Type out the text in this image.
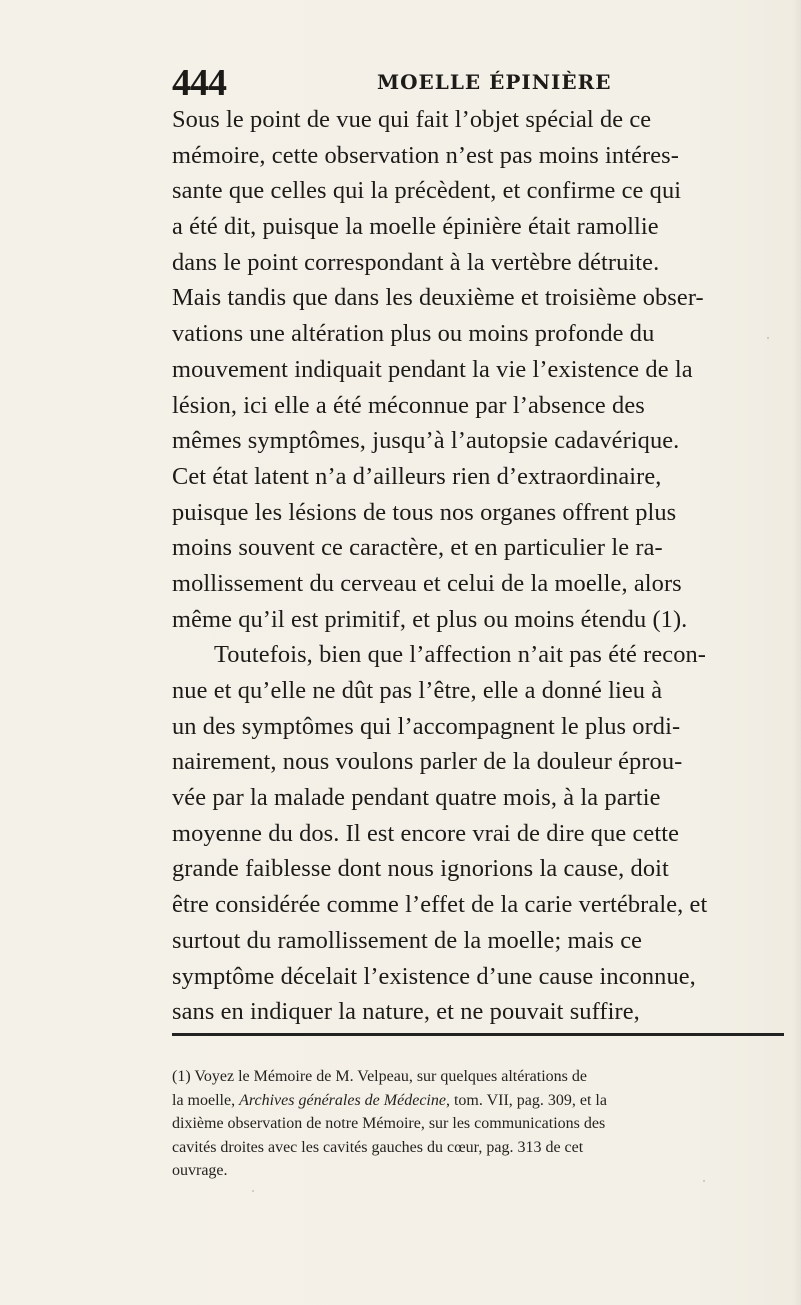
444	MOELLE ÉPINIÈRE
Sous le point de vue qui fait l’objet spécial de ce
mémoire, cette observation n’est pas moins intéres-
sante que celles qui la précèdent, et confirme ce qui
a été dit, puisque la moelle épinière était ramollie
dans le point correspondant à la vertèbre détruite.
Mais tandis que dans les deuxième et troisième obser-
vations une altération plus ou moins profonde du
mouvement indiquait pendant la vie l’existence de la
lésion, ici elle a été méconnue par l’absence des
mêmes symptômes, jusqu’à l’autopsie cadavérique.
Cet état latent n’a d’ailleurs rien d’extraordinaire,
puisque les lésions de tous nos organes offrent plus
moins souvent ce caractère, et en particulier le ra-
mollissement du cerveau et celui de la moelle, alors
même qu’il est primitif, et plus ou moins étendu (1).
Toutefois, bien que l’affection n’ait pas été recon-
nue et qu’elle ne dût pas l’être, elle a donné lieu à
un des symptômes qui l’accompagnent le plus ordi-
nairement, nous voulons parler de la douleur éprou-
vée par la malade pendant quatre mois, à la partie
moyenne du dos. Il est encore vrai de dire que cette
grande faiblesse dont nous ignorions la cause, doit
être considérée comme l’effet de la carie vertébrale, et
surtout du ramollissement de la moelle; mais ce
symptôme décelait l’existence d’une cause inconnue,
sans en indiquer la nature, et ne pouvait suffire,
(1) Voyez le Mémoire de M. Velpeau, sur quelques altérations de
la moelle, Archives générales de Médecine, tom. VII, pag. 309, et la
dixième observation de notre Mémoire, sur les communications des
cavités droites avec les cavités gauches du cœur, pag. 313 de cet
ouvrage.
